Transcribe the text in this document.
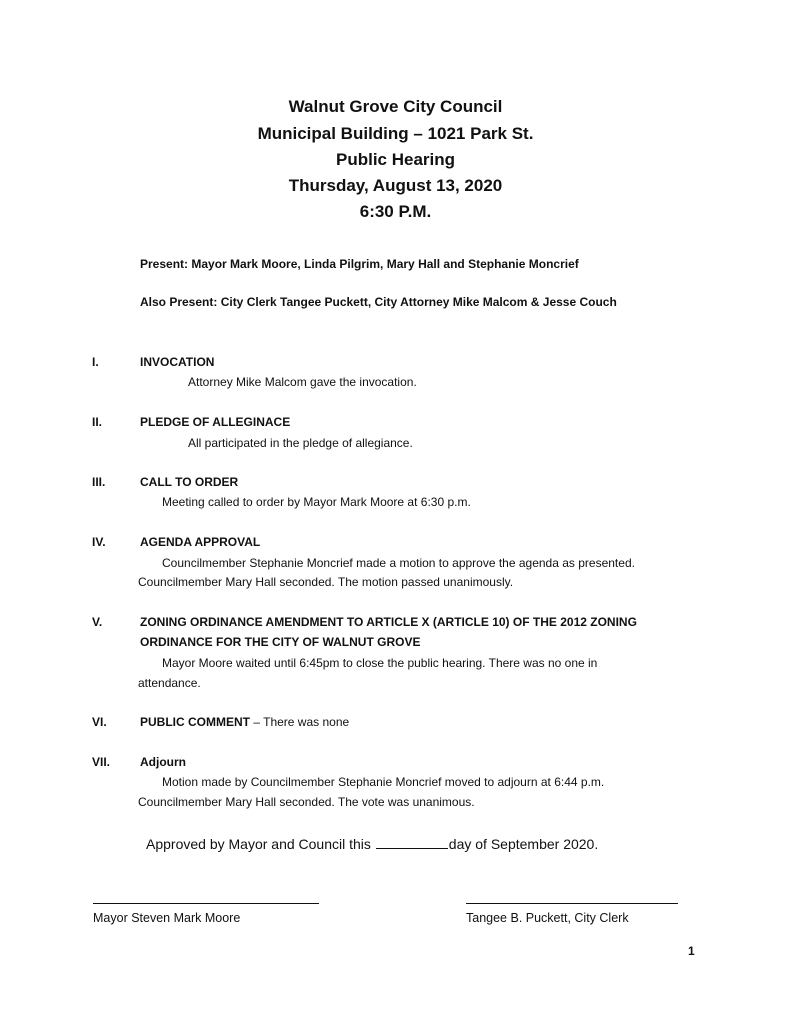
Walnut Grove City Council
Municipal Building – 1021 Park St.
Public Hearing
Thursday, August 13, 2020
6:30 P.M.
Present: Mayor Mark Moore, Linda Pilgrim, Mary Hall and Stephanie Moncrief
Also Present: City Clerk Tangee Puckett, City Attorney Mike Malcom & Jesse Couch
I.	INVOCATION
Attorney Mike Malcom gave the invocation.
II.	PLEDGE OF ALLEGINACE
All participated in the pledge of allegiance.
III.	CALL TO ORDER
Meeting called to order by Mayor Mark Moore at 6:30 p.m.
IV.	AGENDA APPROVAL
Councilmember Stephanie Moncrief made a motion to approve the agenda as presented.
Councilmember Mary Hall seconded. The motion passed unanimously.
V.	ZONING ORDINANCE AMENDMENT TO ARTICLE X (ARTICLE 10) OF THE 2012 ZONING
ORDINANCE FOR THE CITY OF WALNUT GROVE
Mayor Moore waited until 6:45pm to close the public hearing. There was no one in
attendance.
VI.	PUBLIC COMMENT – There was none
VII. Adjourn
Motion made by Councilmember Stephanie Moncrief moved to adjourn at 6:44 p.m.
Councilmember Mary Hall seconded. The vote was unanimous.
Approved by Mayor and Council this	day of September 2020.
Mayor Steven Mark Moore	Tangee B. Puckett, City Clerk
1
